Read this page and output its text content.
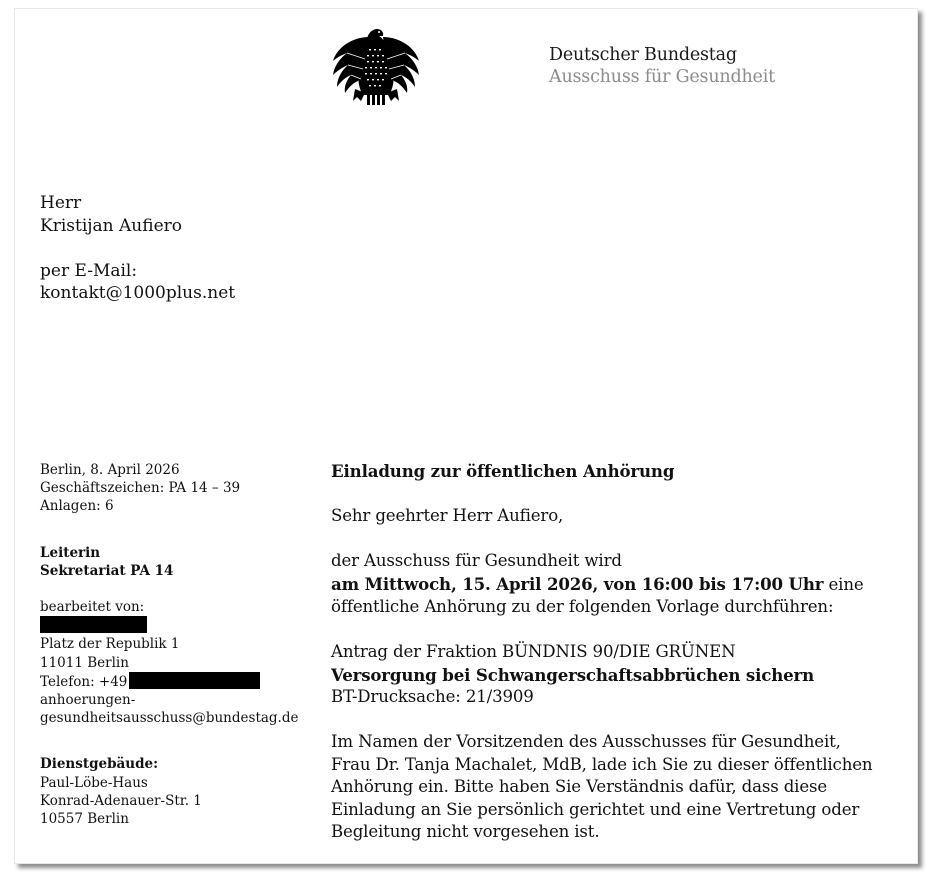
Deutscher Bundestag
Ausschuss für Gesundheit
Herr
Kristijan Aufiero
per E-Mail:
kontakt@1000plus.net
Berlin, 8. April 2026
Geschäftszeichen: PA 14 – 39
Anlagen: 6
Leiterin
Sekretariat PA 14
bearbeitet von:
Platz der Republik 1
11011 Berlin
Telefon: +49
anhoerungen-
gesundheitsausschuss@bundestag.de
Dienstgebäude:
Paul-Löbe-Haus
Konrad-Adenauer-Str. 1
10557 Berlin
Einladung zur öffentlichen Anhörung
Sehr geehrter Herr Aufiero,
der Ausschuss für Gesundheit wird
am Mittwoch, 15. April 2026, von 16:00 bis 17:00 Uhr eine
öffentliche Anhörung zu der folgenden Vorlage durchführen:
Antrag der Fraktion BÜNDNIS 90/DIE GRÜNEN
Versorgung bei Schwangerschaftsabbrüchen sichern
BT-Drucksache: 21/3909
Im Namen der Vorsitzenden des Ausschusses für Gesundheit,
Frau Dr. Tanja Machalet, MdB, lade ich Sie zu dieser öffentlichen
Anhörung ein. Bitte haben Sie Verständnis dafür, dass diese
Einladung an Sie persönlich gerichtet und eine Vertretung oder
Begleitung nicht vorgesehen ist.
